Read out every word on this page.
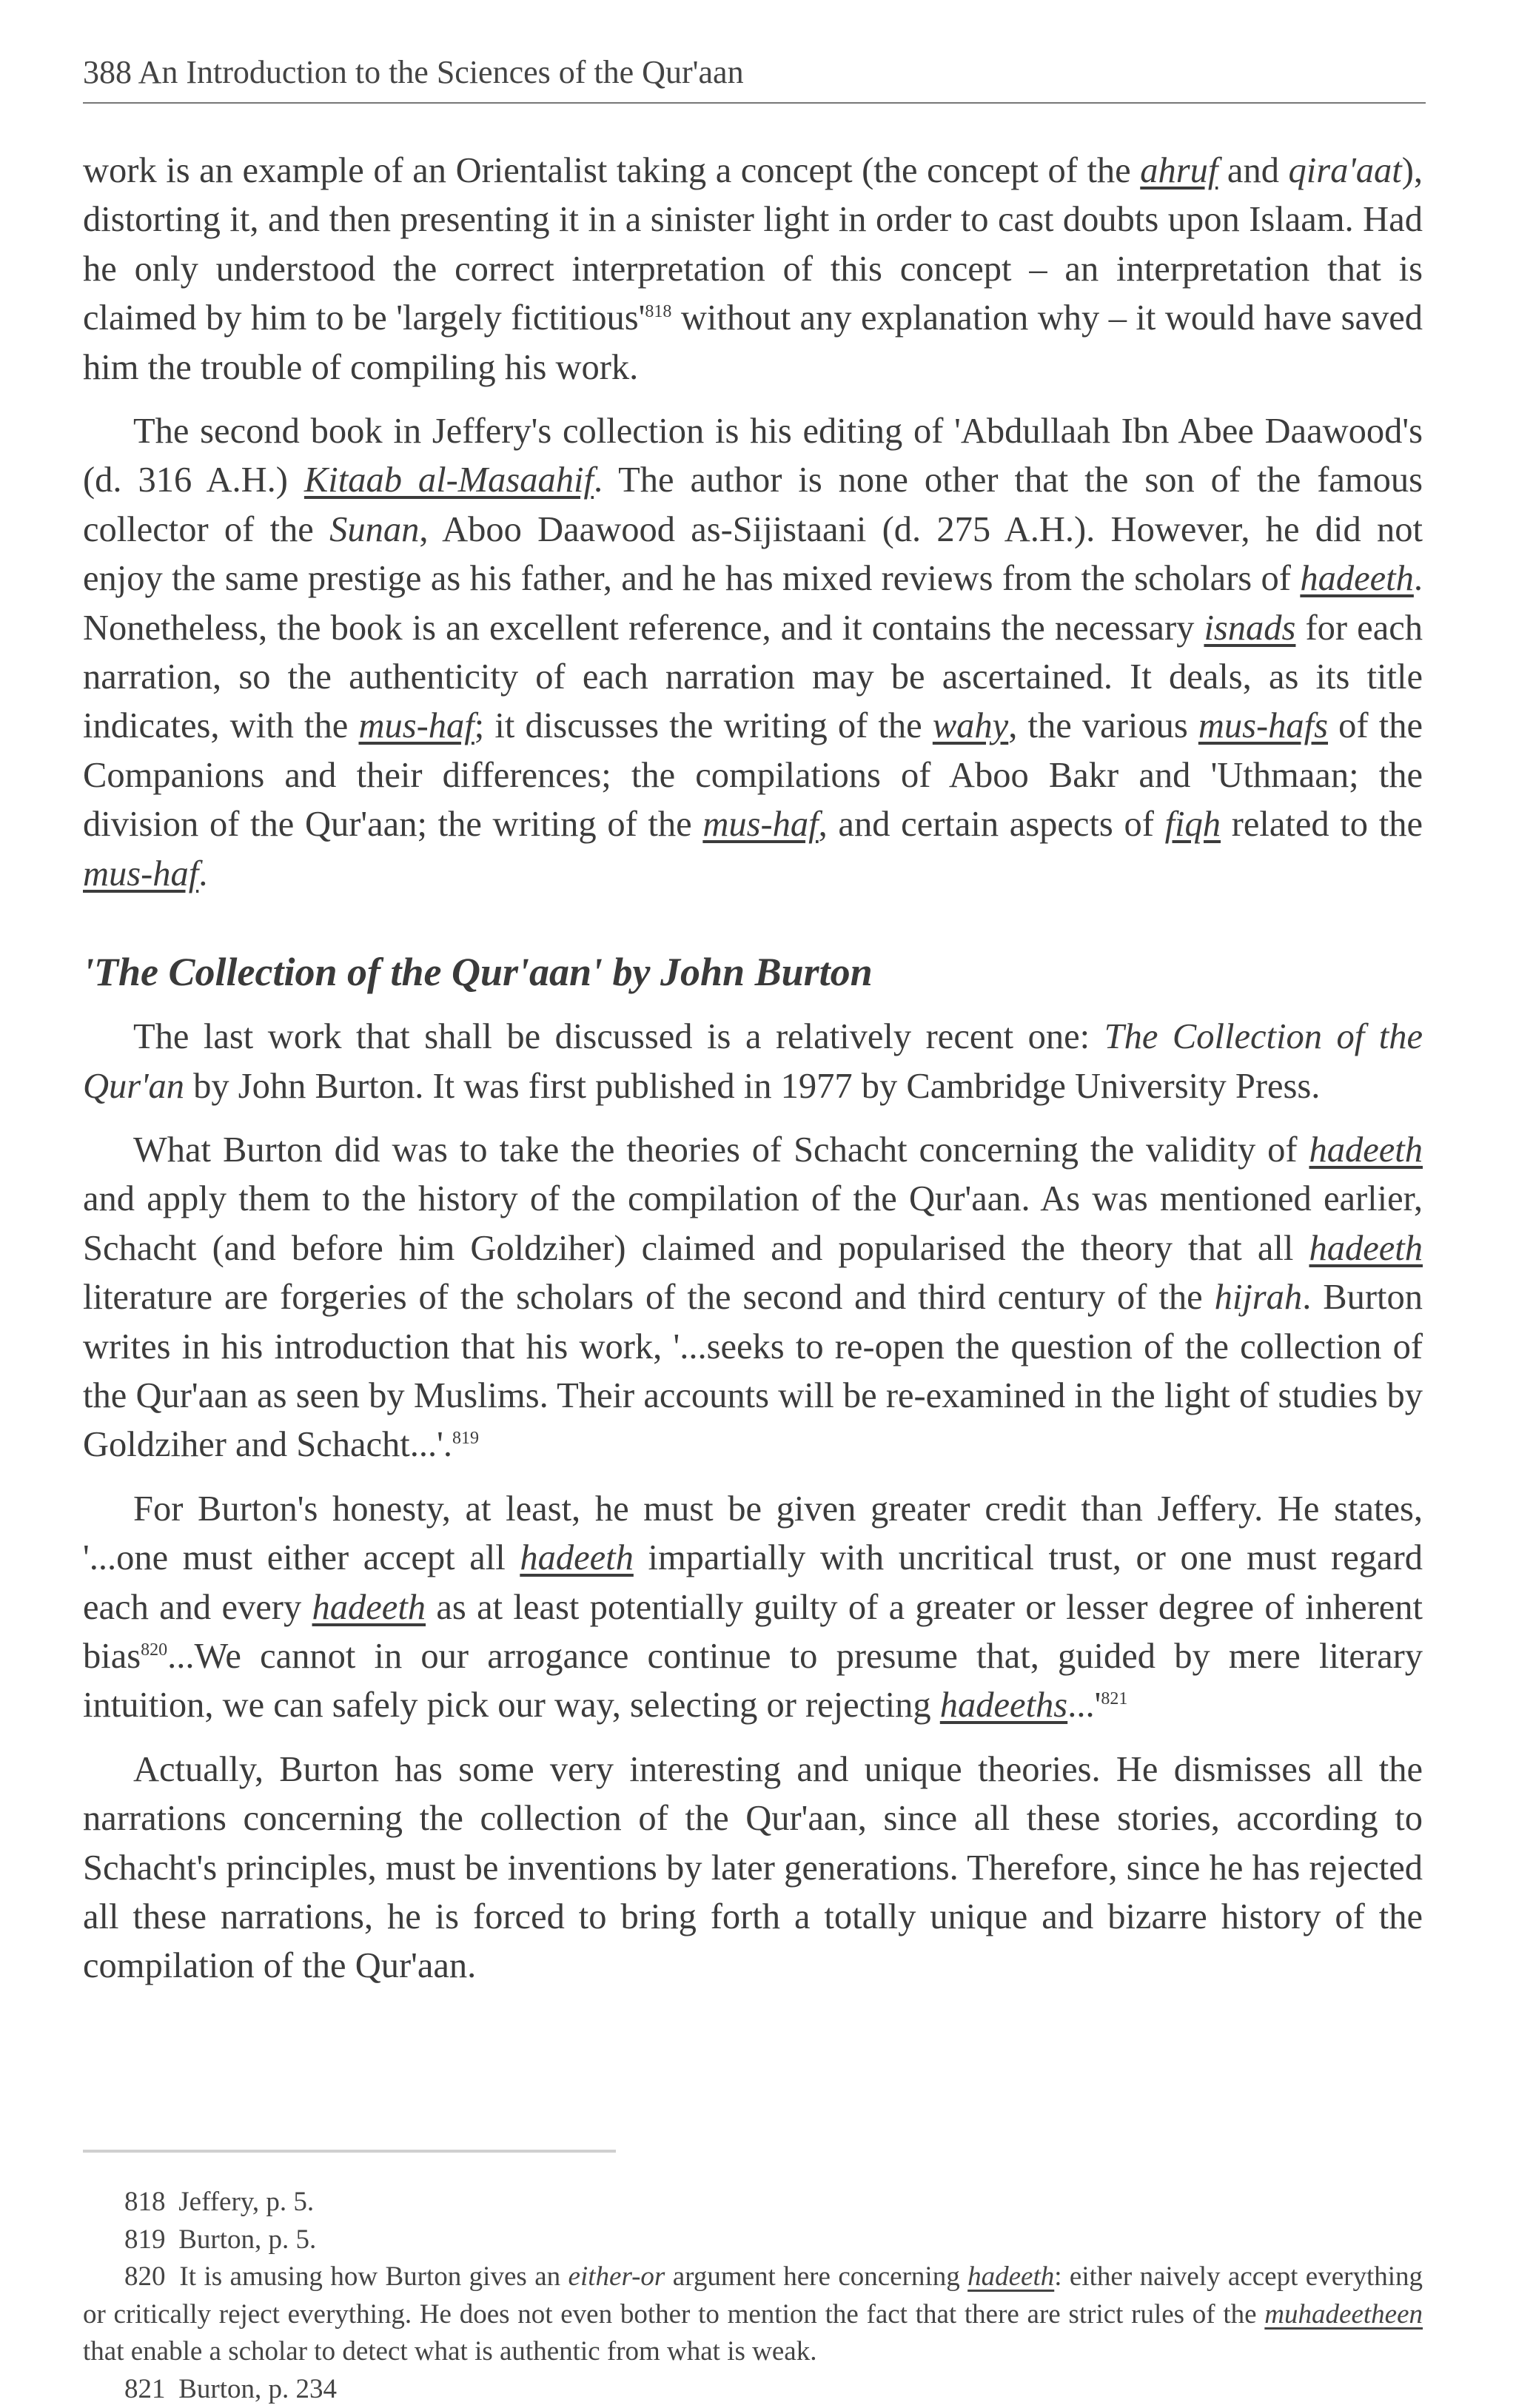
388 An Introduction to the Sciences of the Qur'aan

work is an example of an Orientalist taking a concept (the concept of the ahruf and qira'aat), distorting it, and then presenting it in a sinister light in order to cast doubts upon Islaam. Had he only understood the correct interpretation of this concept – an interpretation that is claimed by him to be 'largely $fictitious'^{818}$ without any explanation why – it would have saved him the trouble of compiling his work.

The second book in Jeffery's collection is his editing of 'Abdullaah Ibn Abee Daawood's (d. 316 A.H.) Kitaab al-Masaahif. The author is none other that the son of the famous collector of the Sunan, Aboo Daawood as-Sijistaani (d. 275 A.H.). However, he did not enjoy the same prestige as his father, and he has mixed reviews from the scholars of hadeeth. Nonetheless, the book is an excellent reference, and it contains the necessary isnads for each narration, so the authenticity of each narration may be ascertained. It deals, as its title indicates, with the mus-haf; it discusses the writing of the wahy, the various mus-hafs of the Companions and their differences; the compilations of Aboo Bakr and 'Uthmaan; the division of the Qur'aan; the writing of the mus-haf, and certain aspects of fiqh related to the mus-haf.

'The Collection of the Qur'aan' by John Burton

The last work that shall be discussed is a relatively recent one: The Collection of the Qur'an by John Burton. It was first published in 1977 by Cambridge University Press.

What Burton did was to take the theories of Schacht concerning the validity of hadeeth and apply them to the history of the compilation of the Qur'aan. As was mentioned earlier, Schacht (and before him Goldziher) claimed and popularised the theory that all hadeeth literature are forgeries of the scholars of the second and third century of the hijrah. Burton writes in his introduction that his work, '...seeks to re-open the question of the collection of the Qur'aan as seen by Muslims. Their accounts will be re-examined in the light of studies by Goldziher and Schacht...'.$^{819}$

For Burton's honesty, at least, he must be given greater credit than Jeffery. He states, '...one must either accept all hadeeth impartially with uncritical trust, or one must regard each and every hadeeth as at least potentially guilty of a greater or lesser degree of inherent bias$^{820}$...We cannot in our arrogance continue to presume that, guided by mere literary intuition, we can safely pick our way, selecting or rejecting $hadeeths...'^{821}$

Actually, Burton has some very interesting and unique theories. He dismisses all the narrations concerning the collection of the Qur'aan, since all these stories, according to Schacht's principles, must be inventions by later generations. Therefore, since he has rejected all these narrations, he is forced to bring forth a totally unique and bizarre history of the compilation of the Qur'aan.

818 Jeffery, p. 5.

819 Burton, p. 5.

820 It is amusing how Burton gives an either-or argument here concerning hadeeth: either naively accept everything or critically reject everything. He does not even bother to mention the fact that there are strict rules of the muhadeetheen that enable a scholar to detect what is authentic from what is weak.

821 Burton, p. 234
